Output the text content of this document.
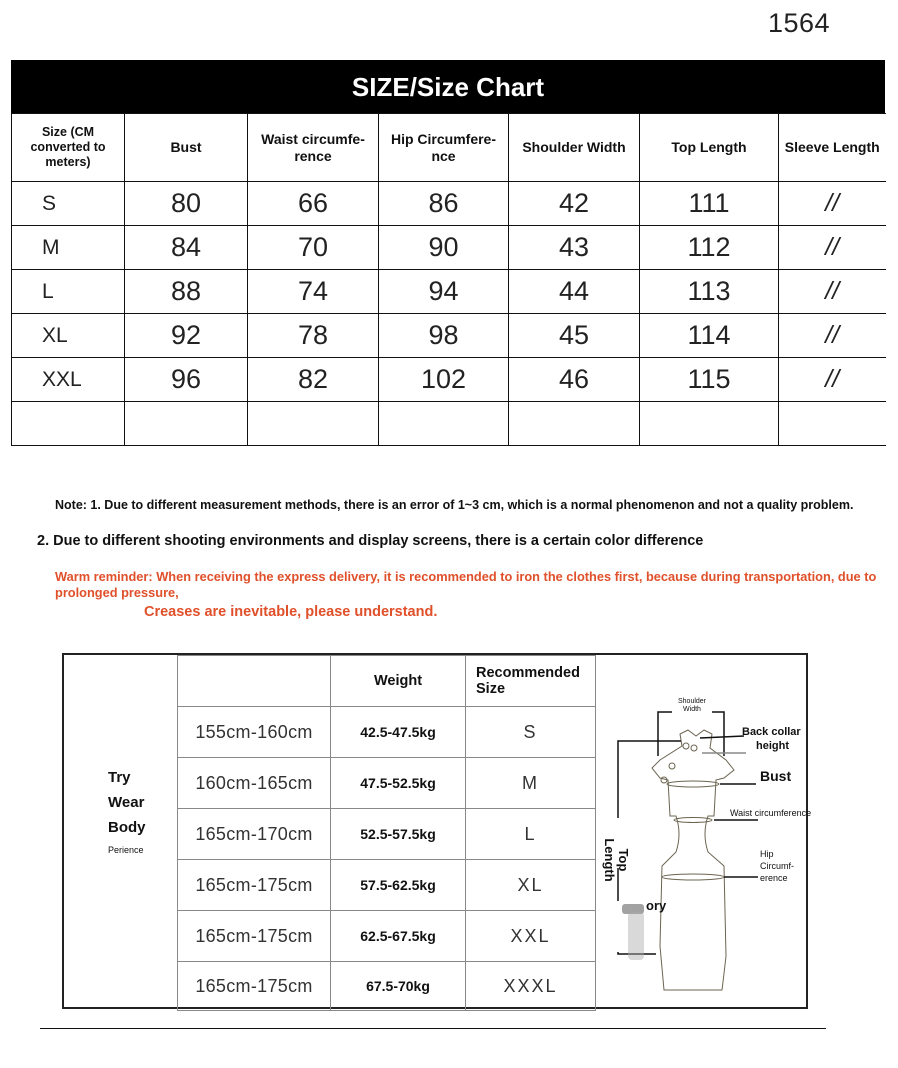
1564
SIZE/Size Chart
Size (CM converted to meters)	Bust	Waist circumfe-rence	Hip Circumfere-nce	Shoulder Width	Top Length	Sleeve Length
S	80	66	86	42	111	//
M	84	70	90	43	112	//
L	88	74	94	44	113	//
XL	92	78	98	45	114	//
XXL	96	82	102	46	115	//

Note: 1. Due to different measurement methods, there is an error of 1~3 cm, which is a normal phenomenon and not a quality problem.
2. Due to different shooting environments and display screens, there is a certain color difference
Warm reminder: When receiving the express delivery, it is recommended to iron the clothes first, because during transportation, due to prolonged pressure,
Creases are inevitable, please understand.
Try
Wear
Body
Perience
	Weight	Recommended Size
155cm-160cm	42.5-47.5kg	S
160cm-165cm	47.5-52.5kg	M
165cm-170cm	52.5-57.5kg	L
165cm-175cm	57.5-62.5kg	XL
165cm-175cm	62.5-67.5kg	XXL
165cm-175cm	67.5-70kg	XXXL
Shoulder Width
Back collar
height
Bust
Waist circumference
Hip
Circumf-
erence
Top
Length
ory
